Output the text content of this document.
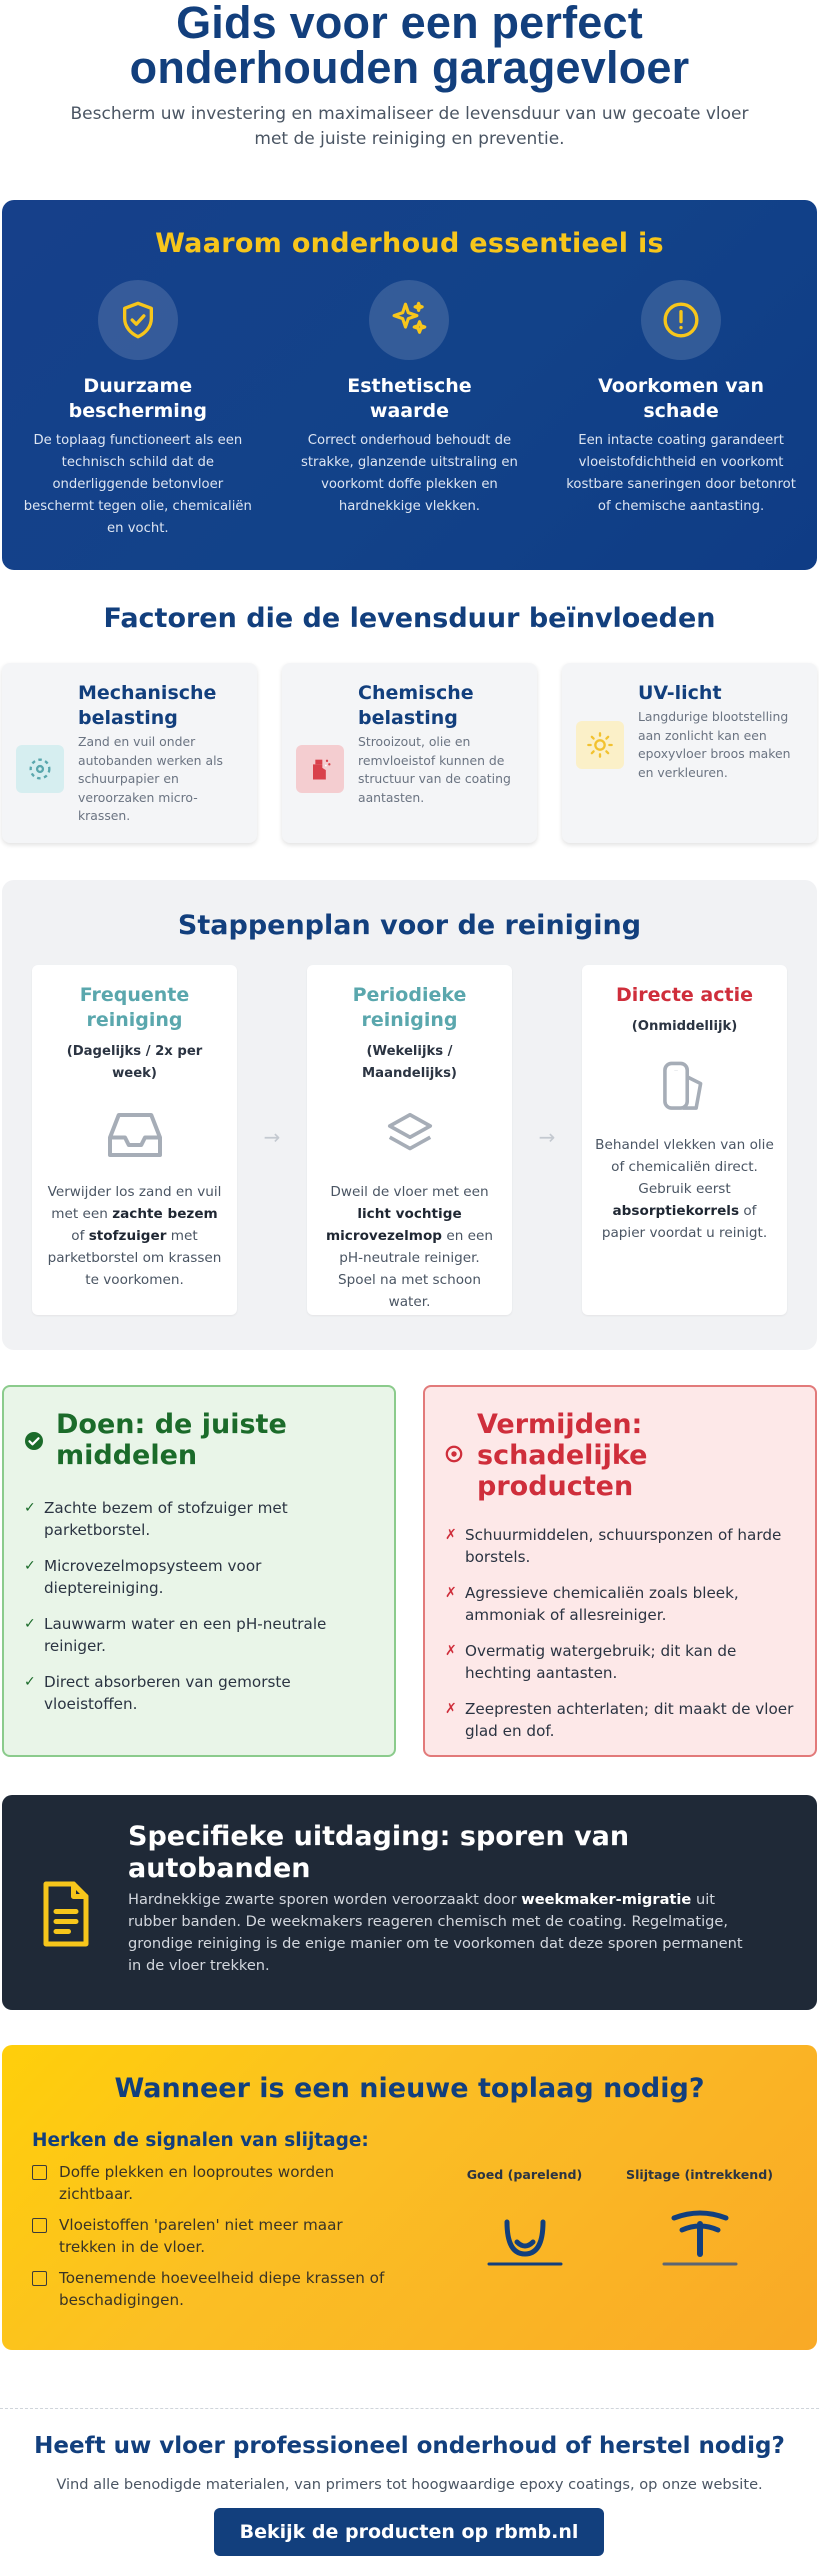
Gids voor een perfect
onderhouden garagevloer

Bescherm uw investering en maximaliseer de levensduur van uw gecoate vloer met de juiste reiniging en preventie.

Waarom onderhoud essentieel is
Duurzame bescherming

De toplaag functioneert als een technisch schild dat de onderliggende betonvloer beschermt tegen olie, chemicaliën en vocht.

Esthetische waarde

Correct onderhoud behoudt de strakke, glanzende uitstraling en voorkomt doffe plekken en hardnekkige vlekken.

Voorkomen van schade

Een intacte coating garandeert vloeistofdichtheid en voorkomt kostbare saneringen door betonrot of chemische aantasting.

Factoren die de levensduur beïnvloeden
Mechanische belasting

Zand en vuil onder autobanden werken als schuurpapier en veroorzaken micro-krassen.

Chemische belasting

Strooizout, olie en remvloeistof kunnen de structuur van de coating aantasten.

UV-licht

Langdurige blootstelling aan zonlicht kan een epoxyvloer broos maken en verkleuren.

Stappenplan voor de reiniging
Frequente reiniging
(Dagelijks / 2x per week)

Verwijder los zand en vuil met een zachte bezem of stofzuiger met parketborstel om krassen te voorkomen.

→
Periodieke reiniging
(Wekelijks / Maandelijks)

Dweil de vloer met een licht vochtige microvezelmop en een pH-neutrale reiniger. Spoel na met schoon water.

→
Directe actie
(Onmiddellijk)

Behandel vlekken van olie of chemicaliën direct. Gebruik eerst absorptiekorrels of papier voordat u reinigt.

Doen: de juiste middelen
✓ Zachte bezem of stofzuiger met parketborstel.
✓ Microvezelmopsysteem voor dieptereiniging.
✓ Lauwwarm water en een pH-neutrale reiniger.
✓ Direct absorberen van gemorste vloeistoffen.
Vermijden: schadelijke producten
✗ Schuurmiddelen, schuursponzen of harde borstels.
✗ Agressieve chemicaliën zoals bleek, ammoniak of allesreiniger.
✗ Overmatig watergebruik; dit kan de hechting aantasten.
✗ Zeepresten achterlaten; dit maakt de vloer glad en dof.
Specifieke uitdaging: sporen van autobanden

Hardnekkige zwarte sporen worden veroorzaakt door weekmaker-migratie uit rubber banden. De weekmakers reageren chemisch met de coating. Regelmatige, grondige reiniging is de enige manier om te voorkomen dat deze sporen permanent in de vloer trekken.

Wanneer is een nieuwe toplaag nodig?
Herken de signalen van slijtage:
Doffe plekken en looproutes worden zichtbaar.
Vloeistoffen 'parelen' niet meer maar trekken in de vloer.
Toenemende hoeveelheid diepe krassen of beschadigingen.
Goed (parelend)	Slijtage (intrekkend)
Heeft uw vloer professioneel onderhoud of herstel nodig?

Vind alle benodigde materialen, van primers tot hoogwaardige epoxy coatings, op onze website.

Bekijk de producten op rbmb.nl
